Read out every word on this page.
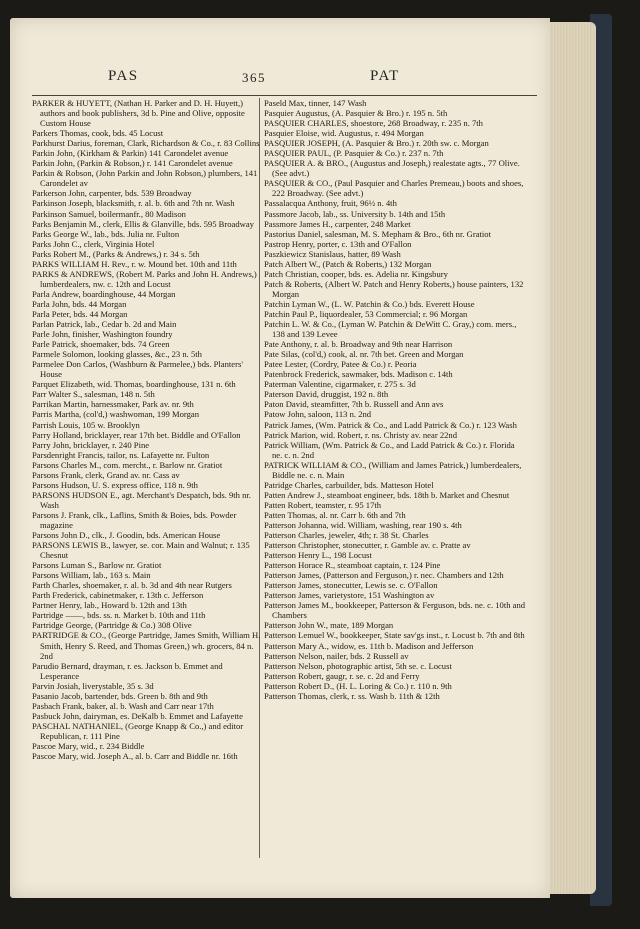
PAS	365	PAT
PARKER & HUYETT, (Nathan H. Parker and D. H. Huyett,) authors and book publishers, 3d b. Pine and Olive, opposite Custom House
Parkers Thomas, cook, bds. 45 Locust
Parkhurst Darius, foreman, Clark, Richardson & Co., r. 83 Collins
Parkin John, (Kirkham & Parkin) 141 Carondelet avenue
Parkin John, (Parkin & Robson,) r. 141 Carondelet avenue
Parkin & Robson, (John Parkin and John Robson,) plumbers, 141 Carondelet av
Parkerson John, carpenter, bds. 539 Broadway
Parkinson Joseph, blacksmith, r. al. b. 6th and 7th nr. Wash
Parkinson Samuel, boilermanfr., 80 Madison
Parks Benjamin M., clerk, Ellis & Glanville, bds. 595 Broadway
Parks George W., lab., bds. Julia nr. Fulton
Parks John C., clerk, Virginia Hotel
Parks Robert M., (Parks & Andrews,) r. 34 s. 5th
PARKS WILLIAM H. Rev., r. w. Mound bet. 10th and 11th
PARKS & ANDREWS, (Robert M. Parks and John H. Andrews,) lumberdealers, nw. c. 12th and Locust
Parla Andrew, boardinghouse, 44 Morgan
Parla John, bds. 44 Morgan
Parla Peter, bds. 44 Morgan
Parlan Patrick, lab., Cedar b. 2d and Main
Parle John, finisher, Washington foundry
Parle Patrick, shoemaker, bds. 74 Green
Parmele Solomon, looking glasses, &c., 23 n. 5th
Parmelee Don Carlos, (Washburn & Parmelee,) bds. Planters' House
Parquet Elizabeth, wid. Thomas, boardinghouse, 131 n. 6th
Parr Walter S., salesman, 148 n. 5th
Parrikan Martin, harnessmaker, Park av. nr. 9th
Parris Martha, (col'd,) washwoman, 199 Morgan
Parrish Louis, 105 w. Brooklyn
Parry Holland, bricklayer, rear 17th bet. Biddle and O'Fallon
Parry John, bricklayer, r. 240 Pine
Parsdenright Francis, tailor, ns. Lafayette nr. Fulton
Parsons Charles M., com. mercht., r. Barlow nr. Gratiot
Parsons Frank, clerk, Grand av. nr. Cass av
Parsons Hudson, U. S. express office, 118 n. 9th
PARSONS HUDSON E., agt. Merchant's Despatch, bds. 9th nr. Wash
Parsons J. Frank, clk., Laflins, Smith & Boies, bds. Powder magazine
Parsons John D., clk., J. Goodin, bds. American House
PARSONS LEWIS B., lawyer, se. cor. Main and Walnut; r. 135 Chesnut
Parsons Luman S., Barlow nr. Gratiot
Parsons William, lab., 163 s. Main
Parth Charles, shoemaker, r. al. b. 3d and 4th near Rutgers
Parth Frederick, cabinetmaker, r. 13th c. Jefferson
Partner Henry, lab., Howard b. 12th and 13th
Partridge ——, bds. ss. n. Market b. 10th and 11th
Partridge George, (Partridge & Co.) 308 Olive
PARTRIDGE & CO., (George Partridge, James Smith, William H. Smith, Henry S. Reed, and Thomas Green,) wh. grocers, 84 n. 2nd
Parudio Bernard, drayman, r. es. Jackson b. Emmet and Lesperance
Parvin Josiah, liverystable, 35 s. 3d
Pasanio Jacob, bartender, bds. Green b. 8th and 9th
Pasbach Frank, baker, al. b. Wash and Carr near 17th
Pasbuck John, dairyman, es. DeKalb b. Emmet and Lafayette
PASCHAL NATHANIEL, (George Knapp & Co.,) and editor Republican, r. 111 Pine
Pascoe Mary, wid., r. 234 Biddle
Pascoe Mary, wid. Joseph A., al. b. Carr and Biddle nr. 16th
Paseld Max, tinner, 147 Wash
Pasquier Augustus, (A. Pasquier & Bro.) r. 195 n. 5th
PASQUIER CHARLES, shoestore, 268 Broadway, r. 235 n. 7th
Pasquier Eloise, wid. Augustus, r. 494 Morgan
PASQUIER JOSEPH, (A. Pasquier & Bro.) r. 20th sw. c. Morgan
PASQUIER PAUL, (P. Pasquier & Co.) r. 237 n. 7th
PASQUIER A. & BRO., (Augustus and Joseph,) realestate agts., 77 Olive. (See advt.)
PASQUIER & CO., (Paul Pasquier and Charles Premeau,) boots and shoes, 222 Broadway. (See advt.)
Passalacqua Anthony, fruit, 96½ n. 4th
Passmore Jacob, lab., ss. University b. 14th and 15th
Passmore James H., carpenter, 248 Market
Pastorius Daniel, salesman, M. S. Mepham & Bro., 6th nr. Gratiot
Pastrop Henry, porter, c. 13th and O'Fallon
Paszkiewicz Stanislaus, hatter, 89 Wash
Patch Albert W., (Patch & Roberts,) 132 Morgan
Patch Christian, cooper, bds. es. Adelia nr. Kingsbury
Patch & Roberts, (Albert W. Patch and Henry Roberts,) house painters, 132 Morgan
Patchin Lyman W., (L. W. Patchin & Co.) bds. Everett House
Patchin Paul P., liquordealer, 53 Commercial; r. 96 Morgan
Patchin L. W. & Co., (Lyman W. Patchin & DeWitt C. Gray,) com. mers., 138 and 139 Levee
Pate Anthony, r. al. b. Broadway and 9th near Harrison
Pate Silas, (col'd,) cook, al. nr. 7th bet. Green and Morgan
Patee Lester, (Cordry, Patee & Co.) r. Peoria
Patenbrock Frederick, sawmaker, bds. Madison c. 14th
Paterman Valentine, cigarmaker, r. 275 s. 3d
Paterson David, druggist, 192 n. 8th
Paton David, steamfitter, 7th b. Russell and Ann avs
Patow John, saloon, 113 n. 2nd
Patrick James, (Wm. Patrick & Co., and Ladd Patrick & Co.) r. 123 Wash
Patrick Marion, wid. Robert, r. ns. Christy av. near 22nd
Patrick William, (Wm. Patrick & Co., and Ladd Patrick & Co.) r. Florida ne. c. n. 2nd
PATRICK WILLIAM & CO., (William and James Patrick,) lumberdealers, Biddle ne. c. n. Main
Patridge Charles, carbuilder, bds. Matteson Hotel
Patten Andrew J., steamboat engineer, bds. 18th b. Market and Chesnut
Patten Robert, teamster, r. 95 17th
Patten Thomas, al. nr. Carr b. 6th and 7th
Patterson Johanna, wid. William, washing, rear 190 s. 4th
Patterson Charles, jeweler, 4th; r. 38 St. Charles
Patterson Christopher, stonecutter, r. Gamble av. c. Pratte av
Patterson Henry L., 198 Locust
Patterson Horace R., steamboat captain, r. 124 Pine
Patterson James, (Patterson and Ferguson,) r. nec. Chambers and 12th
Patterson James, stonecutter, Lewis se. c. O'Fallon
Patterson James, varietystore, 151 Washington av
Patterson James M., bookkeeper, Patterson & Ferguson, bds. ne. c. 10th and Chambers
Patterson John W., mate, 189 Morgan
Patterson Lemuel W., bookkeeper, State sav'gs inst., r. Locust b. 7th and 8th
Patterson Mary A., widow, es. 11th b. Madison and Jefferson
Patterson Nelson, nailer, bds. 2 Russell av
Patterson Nelson, photographic artist, 5th se. c. Locust
Patterson Robert, gaugr, r. se. c. 2d and Ferry
Patterson Robert D., (H. L. Loring & Co.) r. 110 n. 9th
Patterson Thomas, clerk, r. ss. Wash b. 11th & 12th
